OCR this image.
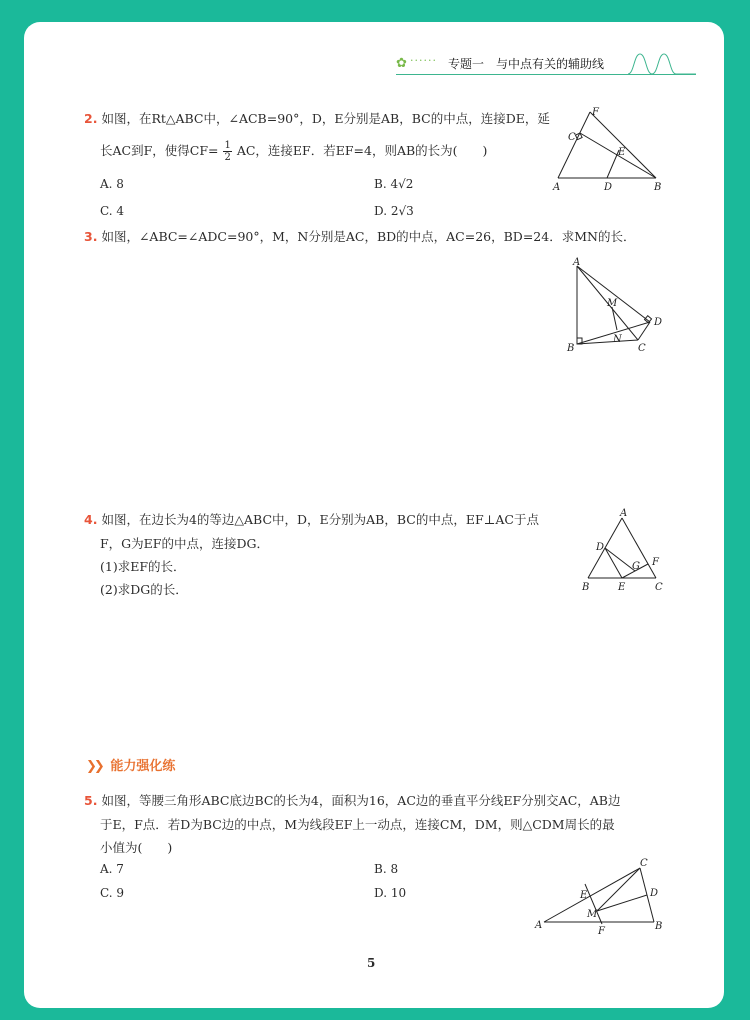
✿ ······ 专题一　与中点有关的辅助线
2. 如图，在Rt△ABC中，∠ACB=90°，D，E分别是AB，BC的中点，连接DE，延
长AC到F，使得$CF= \frac{1}{2}$ AC，连接EF．若EF=4，则AB的长为(　　)
A. 8	B. 4√2
C. 4	D. 2√3
F
C
E
A	D	B
3. 如图，∠ABC=∠ADC=90°，M，N分别是AC，BD的中点，AC=26，BD=24．求MN的长．
A
M
D
B
N
C
4. 如图，在边长为4的等边△ABC中，D，E分别为AB，BC的中点，EF⊥AC于点
F，G为EF的中点，连接DG．
(1)求EF的长．
(2)求DG的长．
A
D
G F
B	E	C
❯❯ 能力强化练
5. 如图，等腰三角形ABC底边BC的长为4，面积为16，AC边的垂直平分线EF分别交AC，AB边
于E，F点．若D为BC边的中点，M为线段EF上一动点，连接CM，DM，则△CDM周长的最
小值为(　　)
A. 7	B. 8
C. 9	D. 10
C
E	D
M
A
F	B
5
